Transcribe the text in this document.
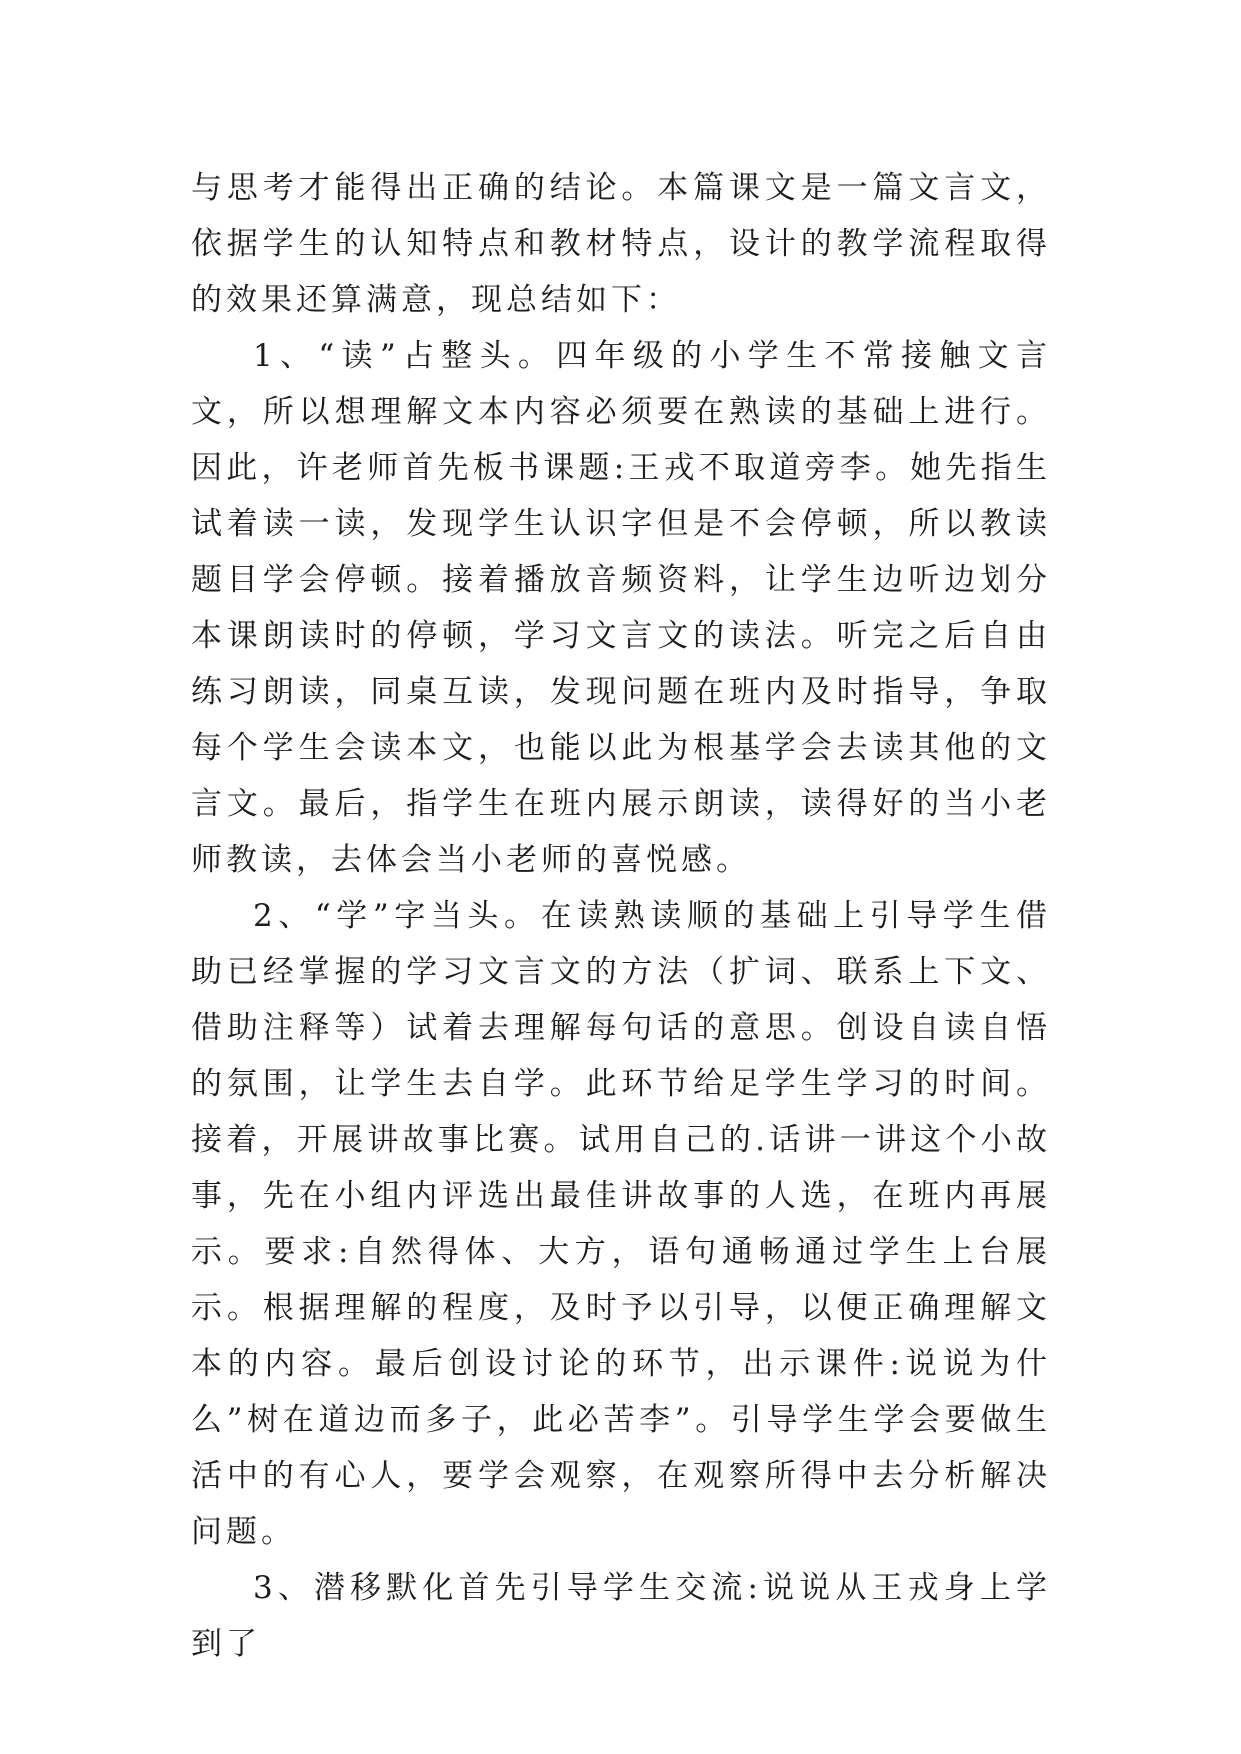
与思考才能得出正确的结论。本篇课文是一篇文言文，依据学生的认知特点和教材特点，设计的教学流程取得的效果还算满意，现总结如下：

1、“读”占整头。四年级的小学生不常接触文言文，所以想理解文本内容必须要在熟读的基础上进行。因此，许老师首先板书课题:王戎不取道旁李。她先指生试着读一读，发现学生认识字但是不会停顿，所以教读题目学会停顿。接着播放音频资料，让学生边听边划分本课朗读时的停顿，学习文言文的读法。听完之后自由练习朗读，同桌互读，发现问题在班内及时指导，争取每个学生会读本文，也能以此为根基学会去读其他的文言文。最后，指学生在班内展示朗读，读得好的当小老师教读，去体会当小老师的喜悦感。

2、“学”字当头。在读熟读顺的基础上引导学生借助已经掌握的学习文言文的方法（扩词、联系上下文、借助注释等）试着去理解每句话的意思。创设自读自悟的氛围，让学生去自学。此环节给足学生学习的时间。接着，开展讲故事比赛。试用自己的.话讲一讲这个小故事，先在小组内评选出最佳讲故事的人选，在班内再展示。要求:自然得体、大方，语句通畅通过学生上台展示。根据理解的程度，及时予以引导，以便正确理解文本的内容。最后创设讨论的环节，出示课件:说说为什么”树在道边而多子，此必苦李”。引导学生学会要做生活中的有心人，要学会观察，在观察所得中去分析解决问题。

3、潜移默化首先引导学生交流:说说从王戎身上学到了
